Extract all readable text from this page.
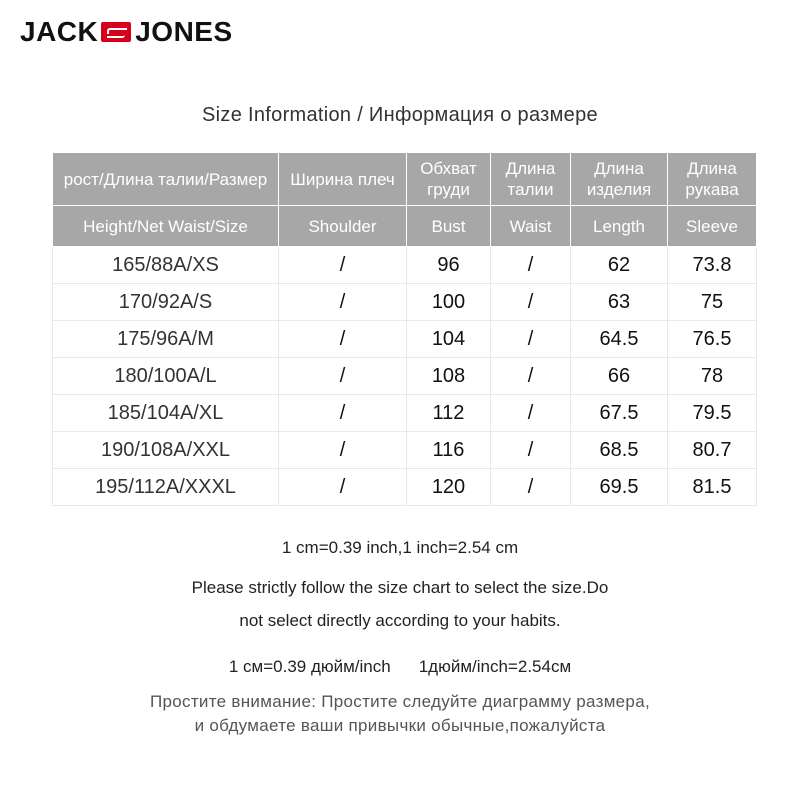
JACK JONES
Size Information / Информация о размере
рост/Длина талии/Размер	Ширина плеч	Обхват груди	Длина талии	Длина изделия	Длина рукава
Height/Net Waist/Size	Shoulder	Bust	Waist	Length	Sleeve
165/88A/XS	/	96	/	62	73.8
170/92A/S	/	100	/	63	75
175/96A/M	/	104	/	64.5	76.5
180/100A/L	/	108	/	66	78
185/104A/XL	/	112	/	67.5	79.5
190/108A/XXL	/	116	/	68.5	80.7
195/112A/XXXL	/	120	/	69.5	81.5
1 cm=0.39 inch,1 inch=2.54 cm
Please strictly follow the size chart to select the size.Do
not select directly according to your habits.
1 cм=0.39 дюйм/inch 1дюйм/inch=2.54cм
Простите внимание: Простите следуйте диаграмму размера,
и обдумаете ваши привычки обычные,пожалуйста
